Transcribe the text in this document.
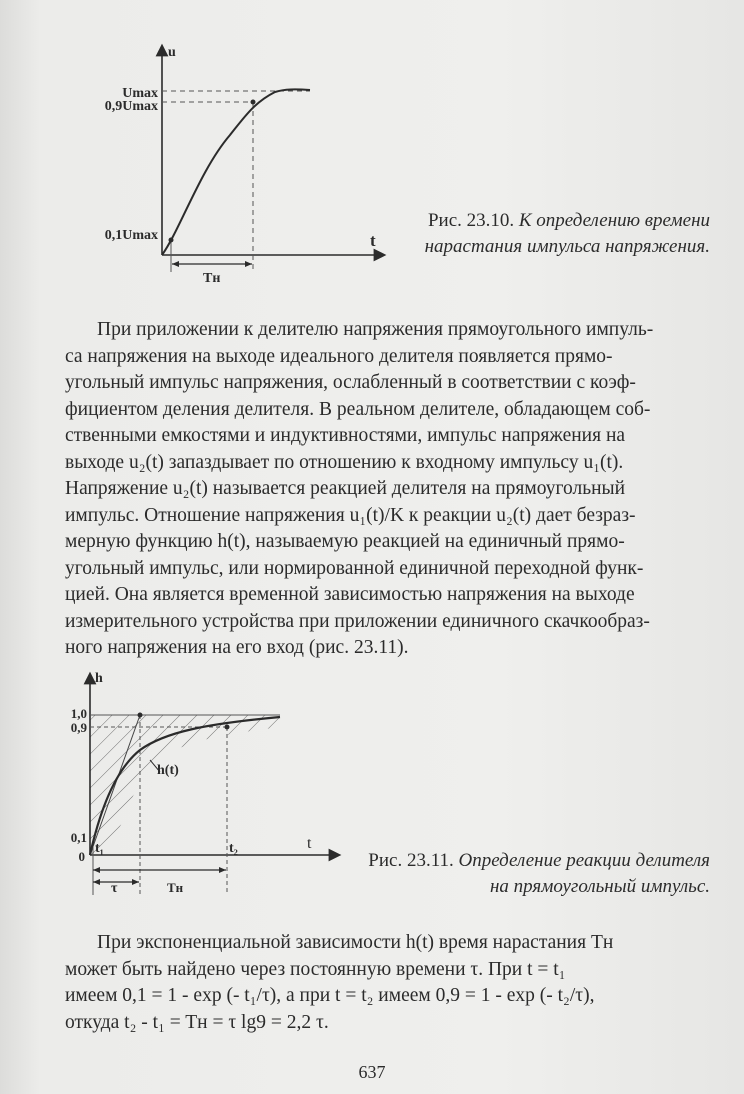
u
t
Umax
0,9Umax
0,1Umax
Tн
Рис. 23.10. К определению времени нарастания импульса напряжения.
При приложении к делителю напряжения прямоугольного импуль-
са напряжения на выходе идеального делителя появляется прямо-
угольный импульс напряжения, ослабленный в соответствии с коэф-
фициентом деления делителя. В реальном делителе, обладающем соб-
ственными емкостями и индуктивностями, импульс напряжения на
выходе u₂(t) запаздывает по отношению к входному импульсу u₁(t).
Напряжение u₂(t) называется реакцией делителя на прямоугольный
импульс. Отношение напряжения u₁(t)/K к реакции u₂(t) дает безраз-
мерную функцию h(t), называемую реакцией на единичный прямо-
угольный импульс, или нормированной единичной переходной функ-
цией. Она является временной зависимостью напряжения на выходе
измерительного устройства при приложении единичного скачкообраз-
ного напряжения на его вход (рис. 23.11).
h
t
1,0
0,9
0,1
0
t₁	t₂
h(t)
τ	Tн
Рис. 23.11. Определение реакции делителя на прямоугольный импульс.
При экспоненциальной зависимости h(t) время нарастания Tн
может быть найдено через постоянную времени τ. При t = t₁
имеем 0,1 = 1 - exp (- t₁/τ), а при t = t₂ имеем 0,9 = 1 - exp (- t₂/τ),
откуда t₂ - t₁ = Tн = τ lg9 = 2,2 τ.
637
